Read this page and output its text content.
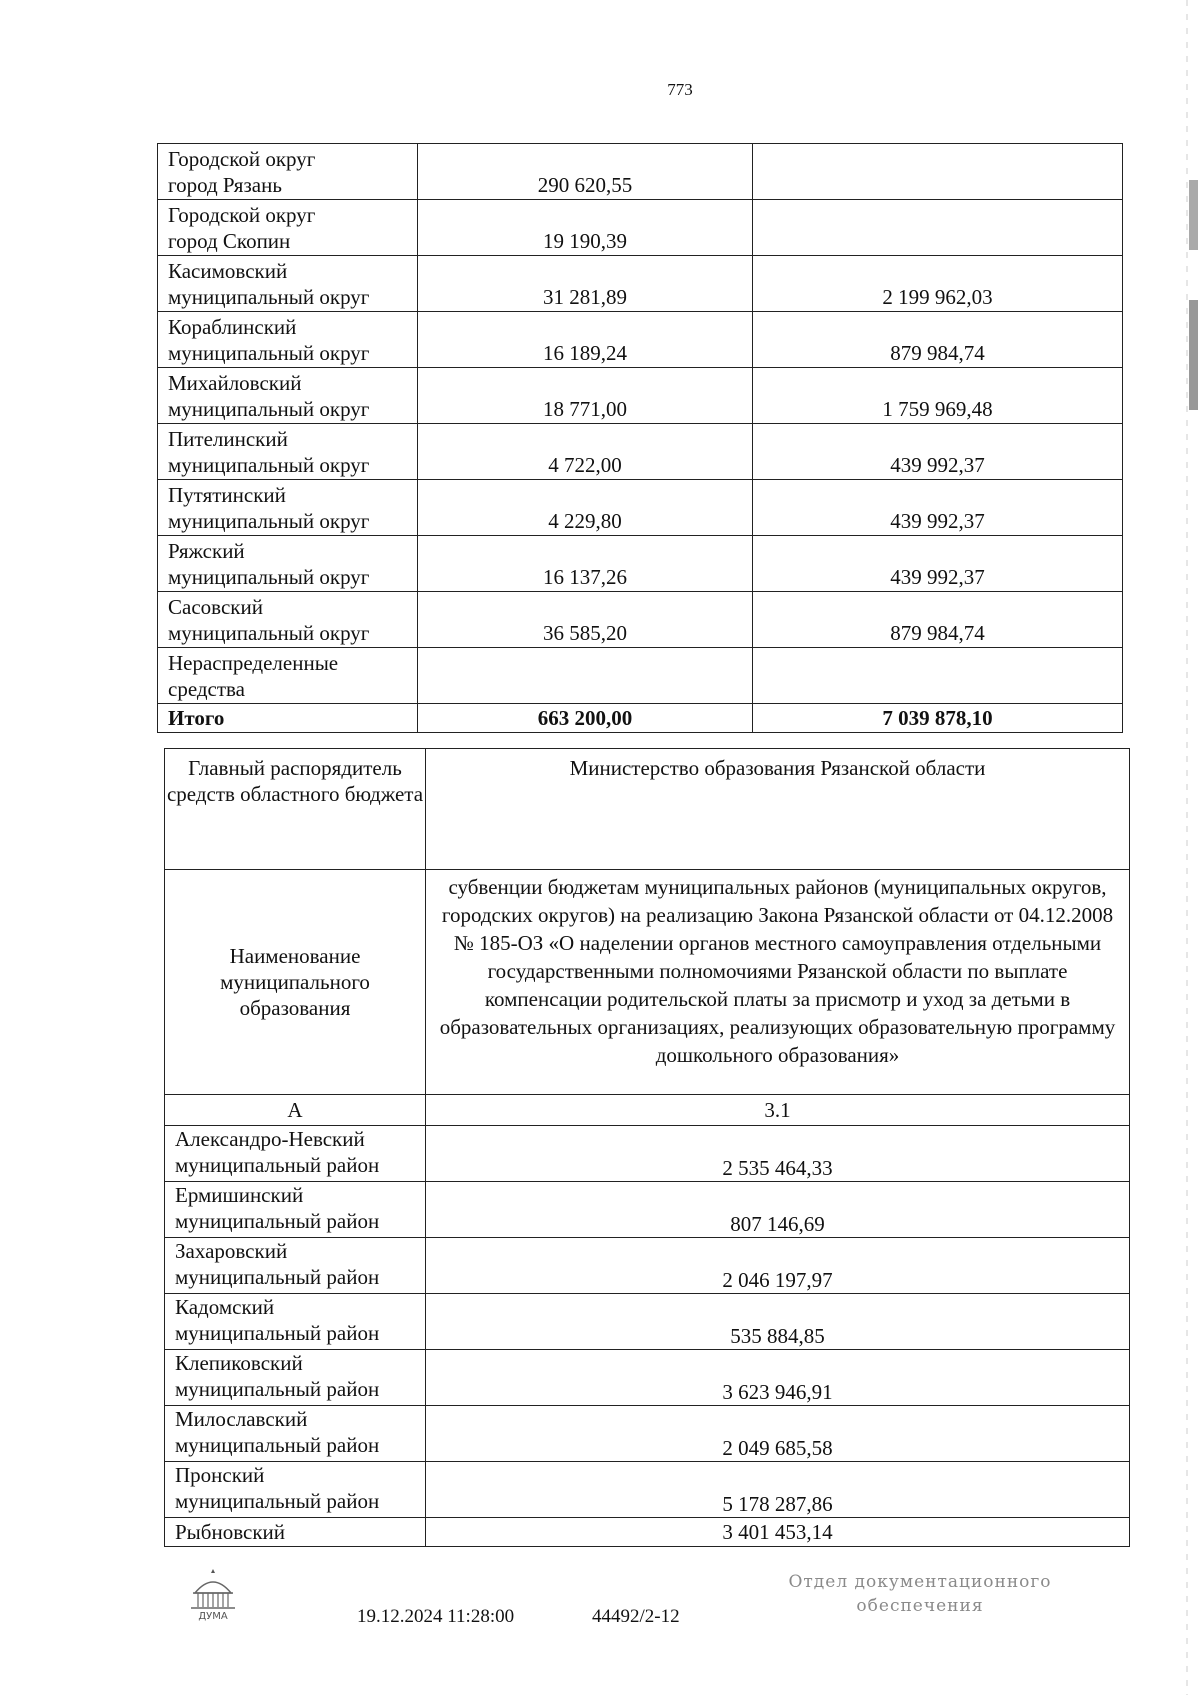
773
Городской округ
город Рязань	290 620,55	

Городской округ
город Скопин	19 190,39	

Касимовский
муниципальный округ	31 281,89	2 199 962,03

Кораблинский
муниципальный округ	16 189,24	879 984,74

Михайловский
муниципальный округ	18 771,00	1 759 969,48

Пителинский
муниципальный округ	4 722,00	439 992,37

Путятинский
муниципальный округ	4 229,80	439 992,37

Ряжский
муниципальный округ	16 137,26	439 992,37

Сасовский
муниципальный округ	36 585,20	879 984,74

Нераспределенные
средства		

Итого	663 200,00	7 039 878,10
Главный распорядитель средств областного бюджета	Министерство образования Рязанской области
Наименование муниципального образования	субвенции бюджетам муниципальных районов (муниципальных округов, городских округов) на реализацию Закона Рязанской области от 04.12.2008 № 185-ОЗ «О наделении органов местного самоуправления отдельными государственными полномочиями Рязанской области по выплате компенсации родительской платы за присмотр и уход за детьми в образовательных организациях, реализующих образовательную программу дошкольного образования»
А	3.1

Александро-Невский
муниципальный район	2 535 464,33

Ермишинский
муниципальный район	807 146,69

Захаровский
муниципальный район	2 046 197,97

Кадомский
муниципальный район	535 884,85

Клепиковский
муниципальный район	3 623 946,91

Милославский
муниципальный район	2 049 685,58

Пронский
муниципальный район	5 178 287,86
Рыбновский	3 401 453,14
ДУМА	19.12.2024 11:28:00	44492/2-12
Отдел документационного
обеспечения
